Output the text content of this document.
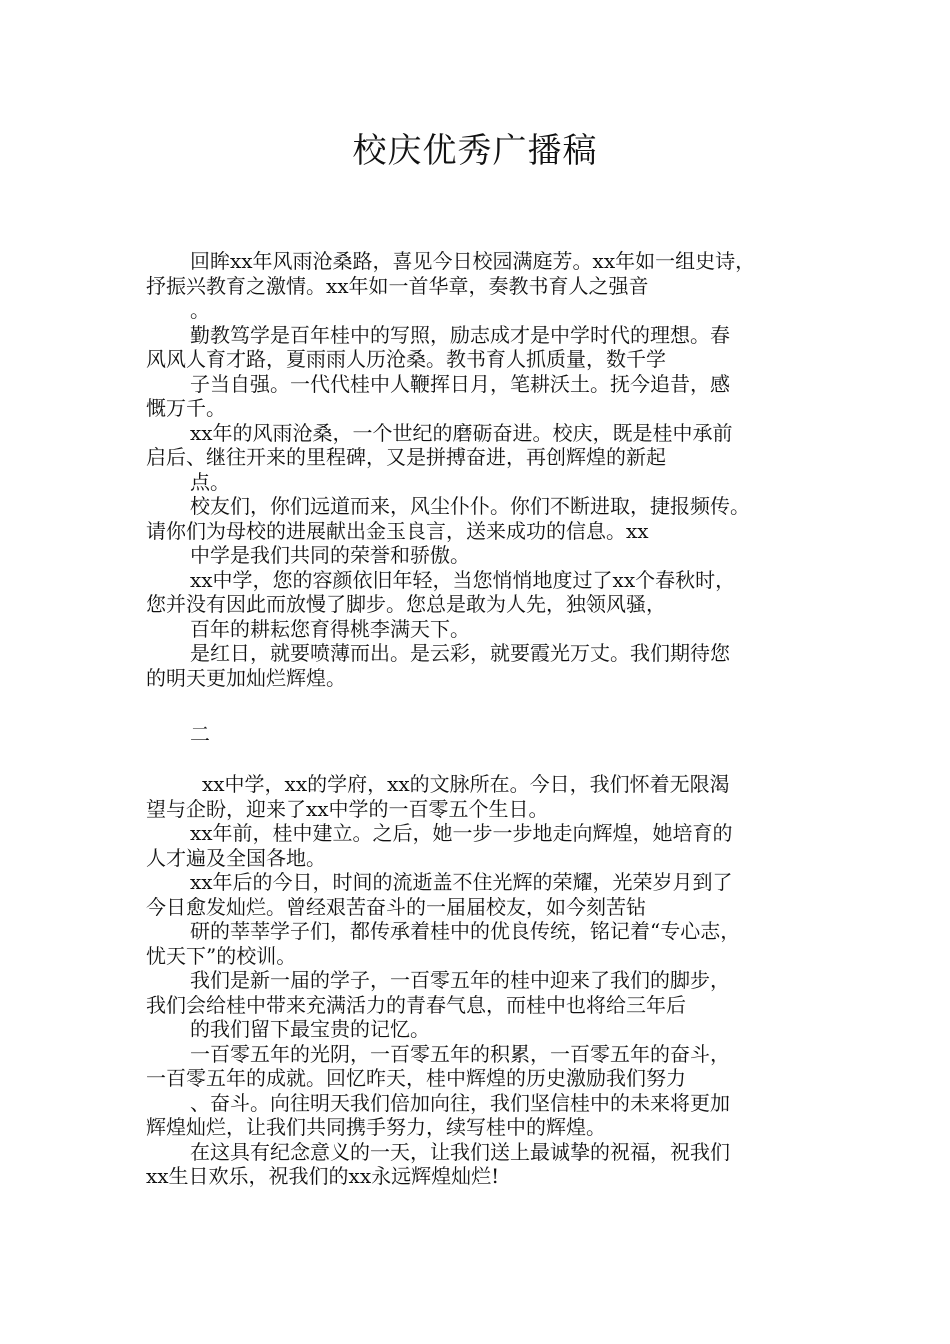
校庆优秀广播稿
回眸xx年风雨沧桑路，喜见今日校园满庭芳。xx年如一组史诗，
抒振兴教育之激情。xx年如一首华章，奏教书育人之强音
。
勤教笃学是百年桂中的写照，励志成才是中学时代的理想。春
风风人育才路，夏雨雨人历沧桑。教书育人抓质量，数千学
子当自强。一代代桂中人鞭挥日月，笔耕沃土。抚今追昔，感
慨万千。
xx年的风雨沧桑，一个世纪的磨砺奋进。校庆，既是桂中承前
启后、继往开来的里程碑，又是拼搏奋进，再创辉煌的新起
点。
校友们，你们远道而来，风尘仆仆。你们不断进取，捷报频传。
请你们为母校的进展献出金玉良言，送来成功的信息。xx
中学是我们共同的荣誉和骄傲。
xx中学，您的容颜依旧年轻，当您悄悄地度过了xx个春秋时，
您并没有因此而放慢了脚步。您总是敢为人先，独领风骚，
百年的耕耘您育得桃李满天下。
是红日，就要喷薄而出。是云彩，就要霞光万丈。我们期待您
的明天更加灿烂辉煌。
二
xx中学，xx的学府，xx的文脉所在。今日，我们怀着无限渴
望与企盼，迎来了xx中学的一百零五个生日。
xx年前，桂中建立。之后，她一步一步地走向辉煌，她培育的
人才遍及全国各地。
xx年后的今日，时间的流逝盖不住光辉的荣耀，光荣岁月到了
今日愈发灿烂。曾经艰苦奋斗的一届届校友，如今刻苦钻
研的莘莘学子们，都传承着桂中的优良传统，铭记着“专心志，
忧天下”的校训。
我们是新一届的学子，一百零五年的桂中迎来了我们的脚步，
我们会给桂中带来充满活力的青春气息，而桂中也将给三年后
的我们留下最宝贵的记忆。
一百零五年的光阴，一百零五年的积累，一百零五年的奋斗，
一百零五年的成就。回忆昨天，桂中辉煌的历史激励我们努力
、奋斗。向往明天我们倍加向往，我们坚信桂中的未来将更加
辉煌灿烂，让我们共同携手努力，续写桂中的辉煌。
在这具有纪念意义的一天，让我们送上最诚挚的祝福，祝我们
xx生日欢乐，祝我们的xx永远辉煌灿烂!
